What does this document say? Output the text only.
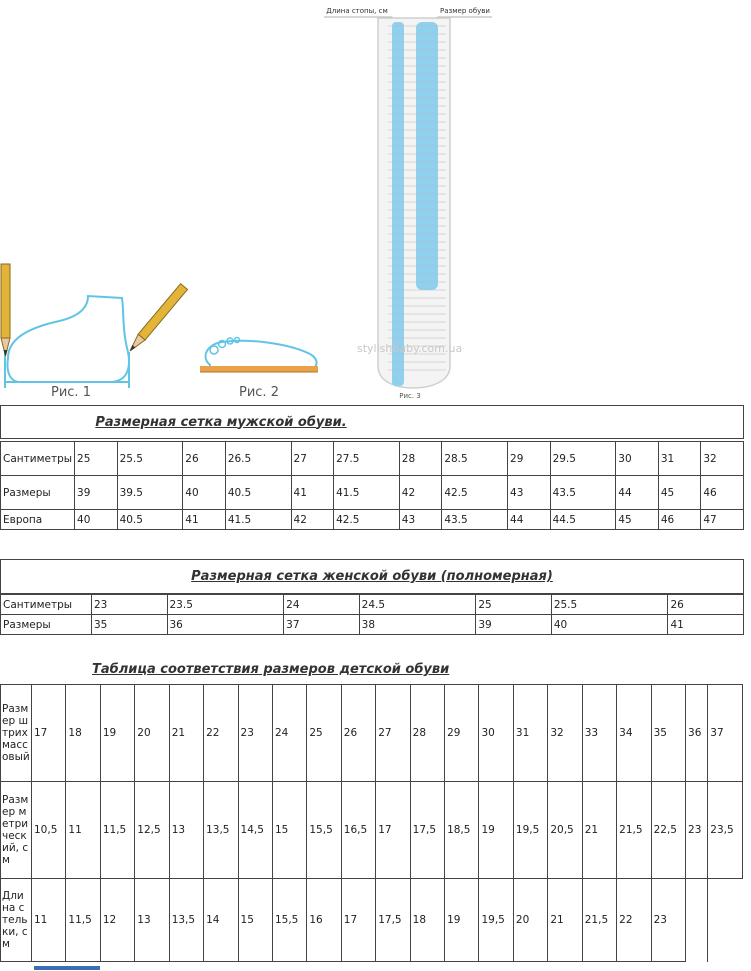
Рис. 1	Рис. 2
Длина стопы, см	Размер обуви
stylishbaby.com.ua
Рис. 3
Размерная сетка мужской обуви.
Сантиметры	25	25.5	26	26.5	27	27.5	28	28.5	29	29.5	30	31	32
Размеры	39	39.5	40	40.5	41	41.5	42	42.5	43	43.5	44	45	46
Европа	40	40.5	41	41.5	42	42.5	43	43.5	44	44.5	45	46	47
Размерная сетка женской обуви (полномерная)
Сантиметры	23	23.5	24	24.5	25	25.5	26
Размеры	35	36	37	38	39	40	41
Таблица соответствия размеров детской обуви
Размер штрихмассовый	17	18	19	20	21	22	23	24	25	26	27	28	29	30	31	32	33	34	35	36	37
Размер метрический, см	10,5	11	11,5	12,5	13	13,5	14,5	15	15,5	16,5	17	17,5	18,5	19	19,5	20,5	21	21,5	22,5	23	23,5
Длина стельки, см	11	11,5	12	13	13,5	14	15	15,5	16	17	17,5	18	19	19,5	20	21	21,5	22	23		
